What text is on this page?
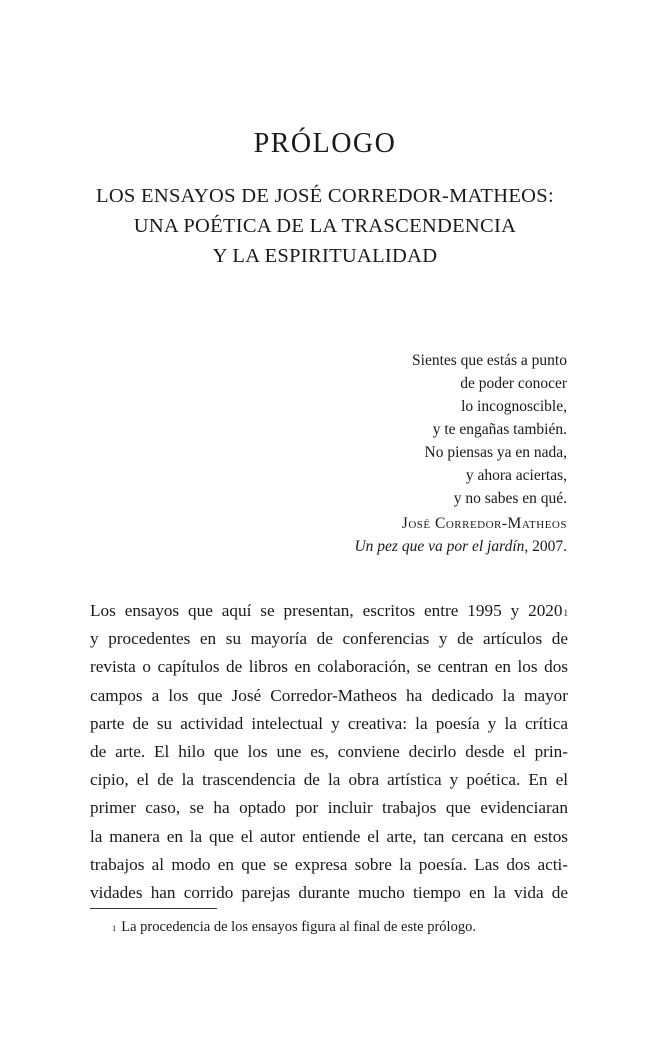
PRÓLOGO
LOS ENSAYOS DE JOSÉ CORREDOR-MATHEOS:
UNA POÉTICA DE LA TRASCENDENCIA
Y LA ESPIRITUALIDAD
Sientes que estás a punto
de poder conocer
lo incognoscible,
y te engañas también.
No piensas ya en nada,
y ahora aciertas,
y no sabes en qué.
José Corredor-Matheos
Un pez que va por el jardín, 2007.
Los ensayos que aquí se presentan, escritos entre 1995 y 2020$^1$
y procedentes en su mayoría de conferencias y de artículos de
revista o capítulos de libros en colaboración, se centran en los dos
campos a los que José Corredor-Matheos ha dedicado la mayor
parte de su actividad intelectual y creativa: la poesía y la crítica
de arte. El hilo que los une es, conviene decirlo desde el prin-
cipio, el de la trascendencia de la obra artística y poética. En el
primer caso, se ha optado por incluir trabajos que evidenciaran
la manera en la que el autor entiende el arte, tan cercana en estos
trabajos al modo en que se expresa sobre la poesía. Las dos acti-
vidades han corrido parejas durante mucho tiempo en la vida de
$^1$ La procedencia de los ensayos figura al final de este prólogo.
